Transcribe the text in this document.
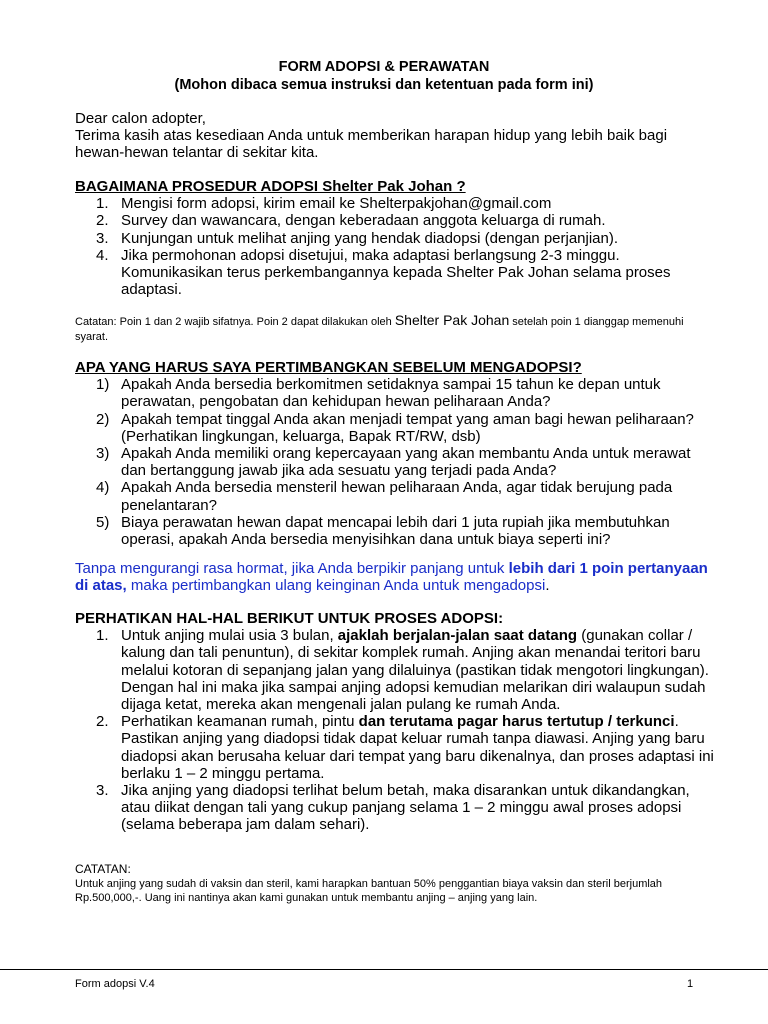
FORM ADOPSI & PERAWATAN
(Mohon dibaca semua instruksi dan ketentuan pada form ini)
Dear calon adopter,
Terima kasih atas kesediaan Anda untuk memberikan harapan hidup yang lebih baik bagi hewan-hewan telantar di sekitar kita.
BAGAIMANA PROSEDUR ADOPSI Shelter Pak Johan ?
1. Mengisi form adopsi, kirim email ke Shelterpakjohan@gmail.com
2. Survey dan wawancara, dengan keberadaan anggota keluarga di rumah.
3. Kunjungan untuk melihat anjing yang hendak diadopsi (dengan perjanjian).
4. Jika permohonan adopsi disetujui, maka adaptasi berlangsung 2-3 minggu. Komunikasikan terus perkembangannya kepada Shelter Pak Johan selama proses adaptasi.
Catatan: Poin 1 dan 2 wajib sifatnya. Poin 2 dapat dilakukan oleh Shelter Pak Johan setelah poin 1 dianggap memenuhi syarat.
APA YANG HARUS SAYA PERTIMBANGKAN SEBELUM MENGADOPSI?
1) Apakah Anda bersedia berkomitmen setidaknya sampai 15 tahun ke depan untuk perawatan, pengobatan dan kehidupan hewan peliharaan Anda?
2) Apakah tempat tinggal Anda akan menjadi tempat yang aman bagi hewan peliharaan? (Perhatikan lingkungan, keluarga, Bapak RT/RW, dsb)
3) Apakah Anda memiliki orang kepercayaan yang akan membantu Anda untuk merawat dan bertanggung jawab jika ada sesuatu yang terjadi pada Anda?
4) Apakah Anda bersedia mensteril hewan peliharaan Anda, agar tidak berujung pada penelantaran?
5) Biaya perawatan hewan dapat mencapai lebih dari 1 juta rupiah jika membutuhkan operasi, apakah Anda bersedia menyisihkan dana untuk biaya seperti ini?
Tanpa mengurangi rasa hormat, jika Anda berpikir panjang untuk lebih dari 1 poin pertanyaan di atas, maka pertimbangkan ulang keinginan Anda untuk mengadopsi.
PERHATIKAN HAL-HAL BERIKUT UNTUK PROSES ADOPSI:
1. Untuk anjing mulai usia 3 bulan, ajaklah berjalan-jalan saat datang (gunakan collar / kalung dan tali penuntun), di sekitar komplek rumah. Anjing akan menandai teritori baru melalui kotoran di sepanjang jalan yang dilaluinya (pastikan tidak mengotori lingkungan). Dengan hal ini maka jika sampai anjing adopsi kemudian melarikan diri walaupun sudah dijaga ketat, mereka akan mengenali jalan pulang ke rumah Anda.
2. Perhatikan keamanan rumah, pintu dan terutama pagar harus tertutup / terkunci. Pastikan anjing yang diadopsi tidak dapat keluar rumah tanpa diawasi. Anjing yang baru diadopsi akan berusaha keluar dari tempat yang baru dikenalnya, dan proses adaptasi ini berlaku 1 – 2 minggu pertama.
3. Jika anjing yang diadopsi terlihat belum betah, maka disarankan untuk dikandangkan, atau diikat dengan tali yang cukup panjang selama 1 – 2 minggu awal proses adopsi (selama beberapa jam dalam sehari).
CATATAN:
Untuk anjing yang sudah di vaksin dan steril, kami harapkan bantuan 50% penggantian biaya vaksin dan steril berjumlah Rp.500,000,-. Uang ini nantinya akan kami gunakan untuk membantu anjing – anjing yang lain.
Form adopsi V.4	1
